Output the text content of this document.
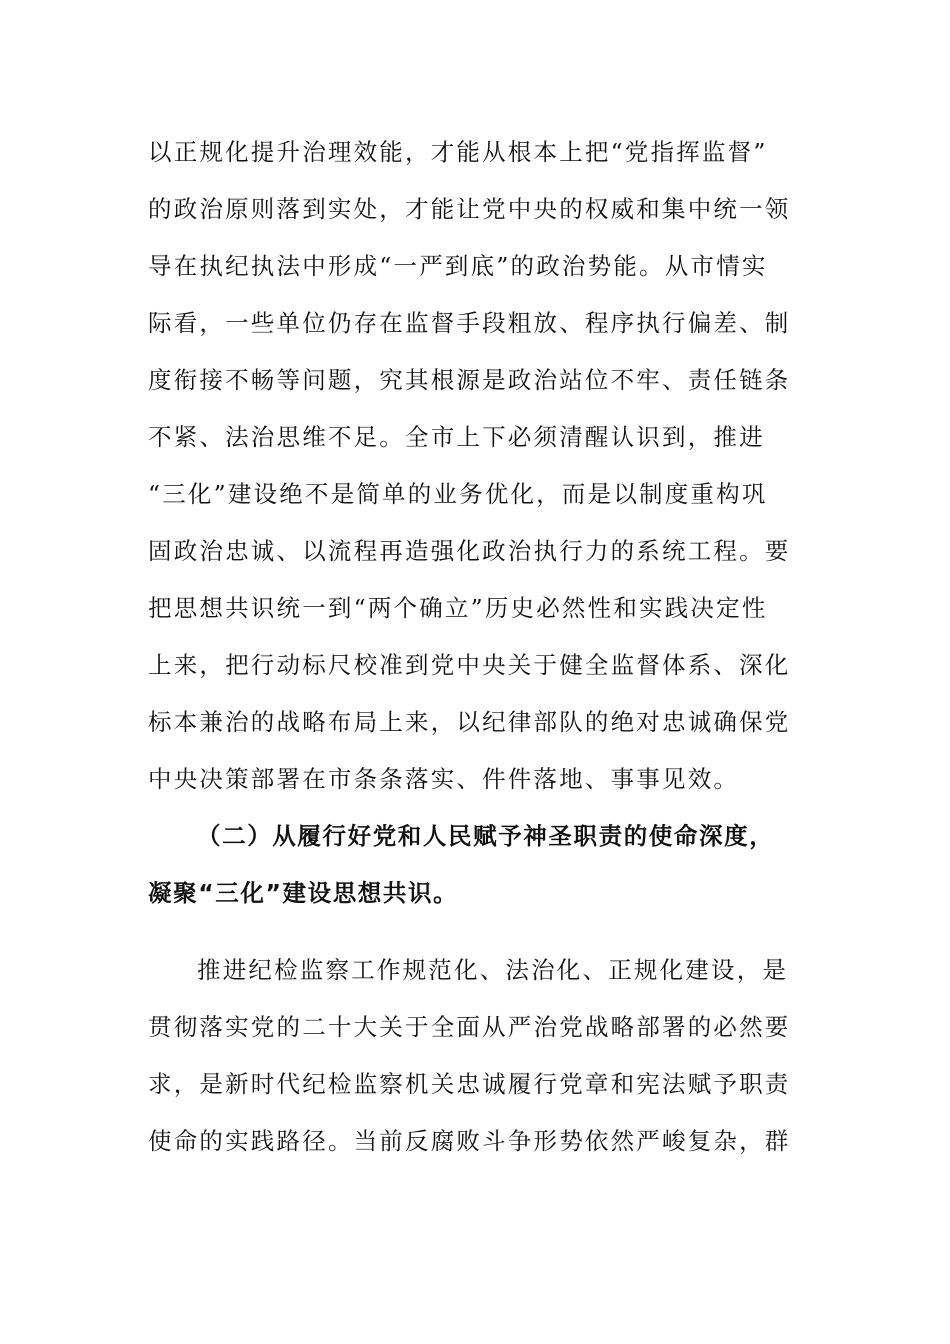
以正规化提升治理效能，才能从根本上把“党指挥监督”
的政治原则落到实处，才能让党中央的权威和集中统一领
导在执纪执法中形成“一严到底”的政治势能。从市情实
际看，一些单位仍存在监督手段粗放、程序执行偏差、制
度衔接不畅等问题，究其根源是政治站位不牢、责任链条
不紧、法治思维不足。全市上下必须清醒认识到，推进
“三化”建设绝不是简单的业务优化，而是以制度重构巩
固政治忠诚、以流程再造强化政治执行力的系统工程。要
把思想共识统一到“两个确立”历史必然性和实践决定性
上来，把行动标尺校准到党中央关于健全监督体系、深化
标本兼治的战略布局上来，以纪律部队的绝对忠诚确保党
中央决策部署在市条条落实、件件落地、事事见效。
（二）从履行好党和人民赋予神圣职责的使命深度，
凝聚“三化”建设思想共识。
推进纪检监察工作规范化、法治化、正规化建设，是
贯彻落实党的二十大关于全面从严治党战略部署的必然要
求，是新时代纪检监察机关忠诚履行党章和宪法赋予职责
使命的实践路径。当前反腐败斗争形势依然严峻复杂，群
